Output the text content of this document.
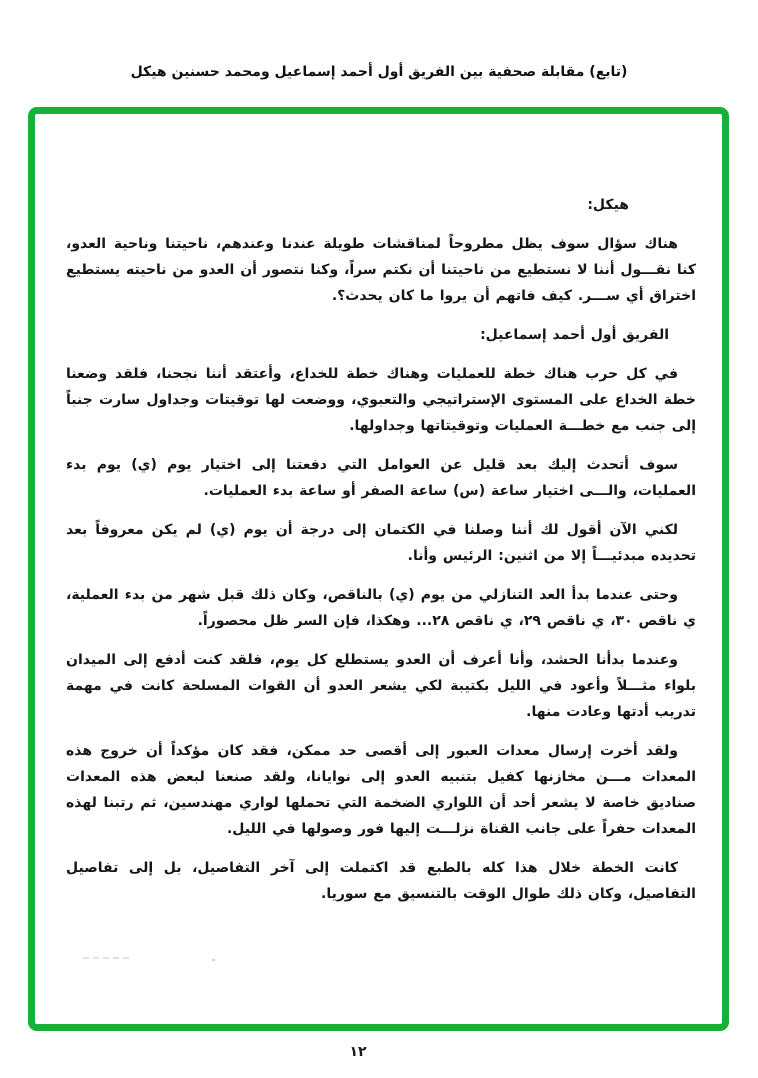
(تابع) مقابلة صحفية بين الفريق أول أحمد إسماعيل ومحمد حسنين هيكل

هيكل:

هناك سؤال سوف يظل مطروحاً لمناقشات طويلة عندنا وعندهم، ناحيتنا وناحية العدو، كنا نقـــول أننا لا نستطيع من ناحيتنا أن نكتم سراً، وكنا نتصور أن العدو من ناحيته يستطيع اختراق أي ســـر. كيف فاتهم أن يروا ما كان يحدث؟.

الفريق أول أحمد إسماعيل:

في كل حرب هناك خطة للعمليات وهناك خطة للخداع، وأعتقد أننا نجحنا، فلقد وضعنا خطة الخداع على المستوى الإستراتيجي والتعبوي، ووضعت لها توقيتات وجداول سارت جنباً إلى جنب مع خطـــة العمليات وتوقيتاتها وجداولها.

سوف أتحدث إليك بعد قليل عن العوامل التي دفعتنا إلى اختيار يوم (ي) يوم بدء العمليات، والـــى اختيار ساعة (س) ساعة الصفر أو ساعة بدء العمليات.

لكني الآن أقول لك أننا وصلنا في الكتمان إلى درجة أن يوم (ي) لم يكن معروفاً بعد تحديده مبدئيـــاً إلا من اثنين: الرئيس وأنا.

وحتى عندما بدأ العد التنازلي من يوم (ي) بالناقص، وكان ذلك قبل شهر من بدء العملية، ي ناقص ٣٠، ي ناقص ٢٩، ي ناقص ٢٨... وهكذا، فإن السر ظل محصوراً.

وعندما بدأنا الحشد، وأنا أعرف أن العدو يستطلع كل يوم، فلقد كنت أدفع إلى الميدان بلواء مثـــلاً وأعود في الليل بكتيبة لكي يشعر العدو أن القوات المسلحة كانت في مهمة تدريب أدتها وعادت منها.

ولقد أخرت إرسال معدات العبور إلى أقصى حد ممكن، فقد كان مؤكداً أن خروج هذه المعدات مـــن مخازنها كفيل بتنبيه العدو إلى نوايانا، ولقد صنعنا لبعض هذه المعدات صناديق خاصة لا يشعر أحد أن اللواري الضخمة التي تحملها لواري مهندسين، ثم رتبنا لهذه المعدات حفراً على جانب القناة نزلـــت إليها فور وصولها في الليل.

كانت الخطة خلال هذا كله بالطبع قد اكتملت إلى آخر التفاصيل، بل إلى تفاصيل التفاصيل، وكان ذلك طوال الوقت بالتنسيق مع سوريا.

١٢
